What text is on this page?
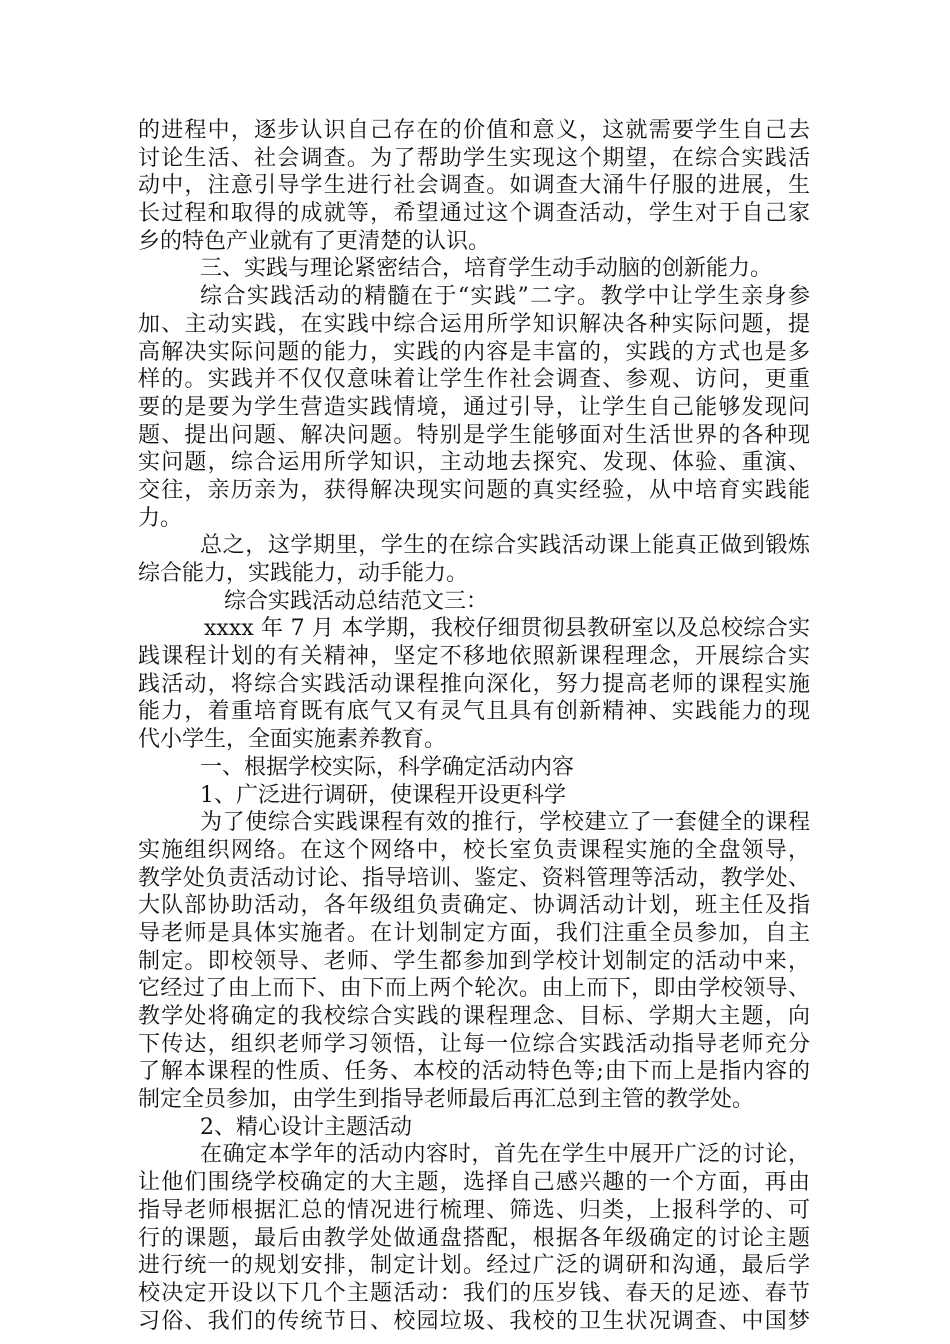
的进程中，逐步认识自己存在的价值和意义，这就需要学生自己去
讨论生活、社会调查。为了帮助学生实现这个期望，在综合实践活
动中，注意引导学生进行社会调查。如调查大涌牛仔服的进展，生
长过程和取得的成就等，希望通过这个调查活动，学生对于自己家
乡的特色产业就有了更清楚的认识。
三、实践与理论紧密结合，培育学生动手动脑的创新能力。
综合实践活动的精髓在于“实践”二字。教学中让学生亲身参
加、主动实践，在实践中综合运用所学知识解决各种实际问题，提
高解决实际问题的能力，实践的内容是丰富的，实践的方式也是多
样的。实践并不仅仅意味着让学生作社会调查、参观、访问，更重
要的是要为学生营造实践情境，通过引导，让学生自己能够发现问
题、提出问题、解决问题。特别是学生能够面对生活世界的各种现
实问题，综合运用所学知识，主动地去探究、发现、体验、重演、
交往，亲历亲为，获得解决现实问题的真实经验，从中培育实践能
力。
总之，这学期里，学生的在综合实践活动课上能真正做到锻炼
综合能力，实践能力，动手能力。
综合实践活动总结范文三：
xxxx 年 7 月 本学期，我校仔细贯彻县教研室以及总校综合实
践课程计划的有关精神，坚定不移地依照新课程理念，开展综合实
践活动，将综合实践活动课程推向深化，努力提高老师的课程实施
能力，着重培育既有底气又有灵气且具有创新精神、实践能力的现
代小学生，全面实施素养教育。
一、根据学校实际，科学确定活动内容
1、广泛进行调研，使课程开设更科学
为了使综合实践课程有效的推行，学校建立了一套健全的课程
实施组织网络。在这个网络中，校长室负责课程实施的全盘领导，
教学处负责活动讨论、指导培训、鉴定、资料管理等活动，教学处、
大队部协助活动，各年级组负责确定、协调活动计划，班主任及指
导老师是具体实施者。在计划制定方面，我们注重全员参加，自主
制定。即校领导、老师、学生都参加到学校计划制定的活动中来，
它经过了由上而下、由下而上两个轮次。由上而下，即由学校领导、
教学处将确定的我校综合实践的课程理念、目标、学期大主题，向
下传达，组织老师学习领悟，让每一位综合实践活动指导老师充分
了解本课程的性质、任务、本校的活动特色等;由下而上是指内容的
制定全员参加，由学生到指导老师最后再汇总到主管的教学处。
2、精心设计主题活动
在确定本学年的活动内容时，首先在学生中展开广泛的讨论，
让他们围绕学校确定的大主题，选择自己感兴趣的一个方面，再由
指导老师根据汇总的情况进行梳理、筛选、归类，上报科学的、可
行的课题，最后由教学处做通盘搭配，根据各年级确定的讨论主题
进行统一的规划安排，制定计划。经过广泛的调研和沟通，最后学
校决定开设以下几个主题活动：我们的压岁钱、春天的足迹、春节
习俗、我们的传统节日、校园垃圾、我校的卫生状况调查、中国梦
